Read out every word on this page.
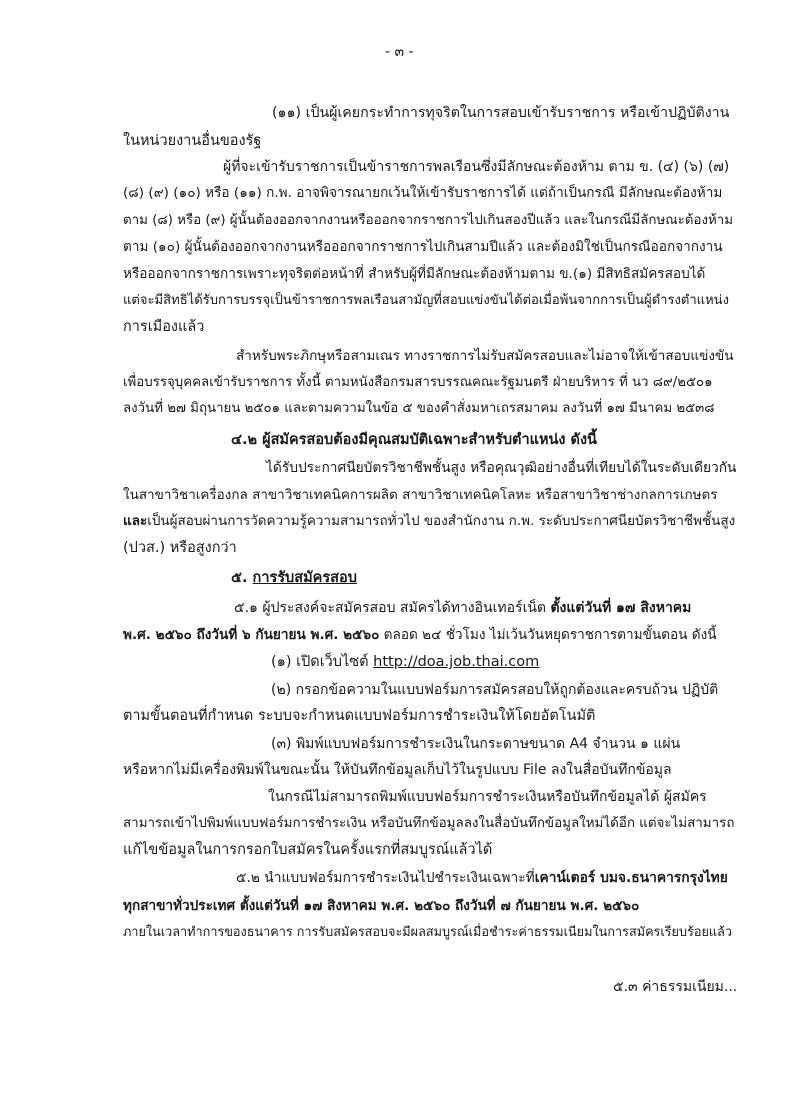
- ๓ -
(๑๑) เป็นผู้เคยกระทำการทุจริตในการสอบเข้ารับราชการ หรือเข้าปฏิบัติงาน
ในหน่วยงานอื่นของรัฐ
ผู้ที่จะเข้ารับราชการเป็นข้าราชการพลเรือนซึ่งมีลักษณะต้องห้าม ตาม ข. (๔) (๖) (๗)
(๘) (๙) (๑๐) หรือ (๑๑) ก.พ. อาจพิจารณายกเว้นให้เข้ารับราชการได้ แต่ถ้าเป็นกรณี มีลักษณะต้องห้าม
ตาม (๘) หรือ (๙) ผู้นั้นต้องออกจากงานหรือออกจากราชการไปเกินสองปีแล้ว และในกรณีมีลักษณะต้องห้าม
ตาม (๑๐) ผู้นั้นต้องออกจากงานหรือออกจากราชการไปเกินสามปีแล้ว และต้องมิใช่เป็นกรณีออกจากงาน
หรือออกจากราชการเพราะทุจริตต่อหน้าที่ สำหรับผู้ที่มีลักษณะต้องห้ามตาม ข.(๑) มีสิทธิสมัครสอบได้
แต่จะมีสิทธิได้รับการบรรจุเป็นข้าราชการพลเรือนสามัญที่สอบแข่งขันได้ต่อเมื่อพ้นจากการเป็นผู้ดำรงตำแหน่ง
การเมืองแล้ว
สำหรับพระภิกษุหรือสามเณร ทางราชการไม่รับสมัครสอบและไม่อาจให้เข้าสอบแข่งขัน
เพื่อบรรจุบุคคลเข้ารับราชการ ทั้งนี้ ตามหนังสือกรมสารบรรณคณะรัฐมนตรี ฝ่ายบริหาร ที่ นว ๘๙/๒๕๐๑
ลงวันที่ ๒๗ มิถุนายน ๒๕๐๑ และตามความในข้อ ๕ ของคำสั่งมหาเถรสมาคม ลงวันที่ ๑๗ มีนาคม ๒๕๓๘
๔.๒ ผู้สมัครสอบต้องมีคุณสมบัติเฉพาะสำหรับตำแหน่ง ดังนี้
ได้รับประกาศนียบัตรวิชาชีพชั้นสูง หรือคุณวุฒิอย่างอื่นที่เทียบได้ในระดับเดียวกัน
ในสาขาวิชาเครื่องกล สาขาวิชาเทคนิคการผลิต สาขาวิชาเทคนิคโลหะ หรือสาขาวิชาช่างกลการเกษตร
และเป็นผู้สอบผ่านการวัดความรู้ความสามารถทั่วไป ของสำนักงาน ก.พ. ระดับประกาศนียบัตรวิชาชีพชั้นสูง
(ปวส.) หรือสูงกว่า
๕. การรับสมัครสอบ
๕.๑ ผู้ประสงค์จะสมัครสอบ สมัครได้ทางอินเทอร์เน็ต ตั้งแต่วันที่ ๑๗ สิงหาคม
พ.ศ. ๒๕๖๐ ถึงวันที่ ๖ กันยายน พ.ศ. ๒๕๖๐ ตลอด ๒๔ ชั่วโมง ไม่เว้นวันหยุดราชการตามขั้นตอน ดังนี้
(๑) เปิดเว็บไซต์ http://doa.job.thai.com
(๒) กรอกข้อความในแบบฟอร์มการสมัครสอบให้ถูกต้องและครบถ้วน ปฏิบัติ
ตามขั้นตอนที่กำหนด ระบบจะกำหนดแบบฟอร์มการชำระเงินให้โดยอัตโนมัติ
(๓) พิมพ์แบบฟอร์มการชำระเงินในกระดาษขนาด A4 จำนวน ๑ แผ่น
หรือหากไม่มีเครื่องพิมพ์ในขณะนั้น ให้บันทึกข้อมูลเก็บไว้ในรูปแบบ File ลงในสื่อบันทึกข้อมูล
ในกรณีไม่สามารถพิมพ์แบบฟอร์มการชำระเงินหรือบันทึกข้อมูลได้ ผู้สมัคร
สามารถเข้าไปพิมพ์แบบฟอร์มการชำระเงิน หรือบันทึกข้อมูลลงในสื่อบันทึกข้อมูลใหม่ได้อีก แต่จะไม่สามารถ
แก้ไขข้อมูลในการกรอกใบสมัครในครั้งแรกที่สมบูรณ์แล้วได้
๕.๒ นำแบบฟอร์มการชำระเงินไปชำระเงินเฉพาะที่เคาน์เตอร์ บมจ.ธนาคารกรุงไทย
ทุกสาขาทั่วประเทศ ตั้งแต่วันที่ ๑๗ สิงหาคม พ.ศ. ๒๕๖๐ ถึงวันที่ ๗ กันยายน พ.ศ. ๒๕๖๐
ภายในเวลาทำการของธนาคาร การรับสมัครสอบจะมีผลสมบูรณ์เมื่อชำระค่าธรรมเนียมในการสมัครเรียบร้อยแล้ว
๕.๓ ค่าธรรมเนียม...
